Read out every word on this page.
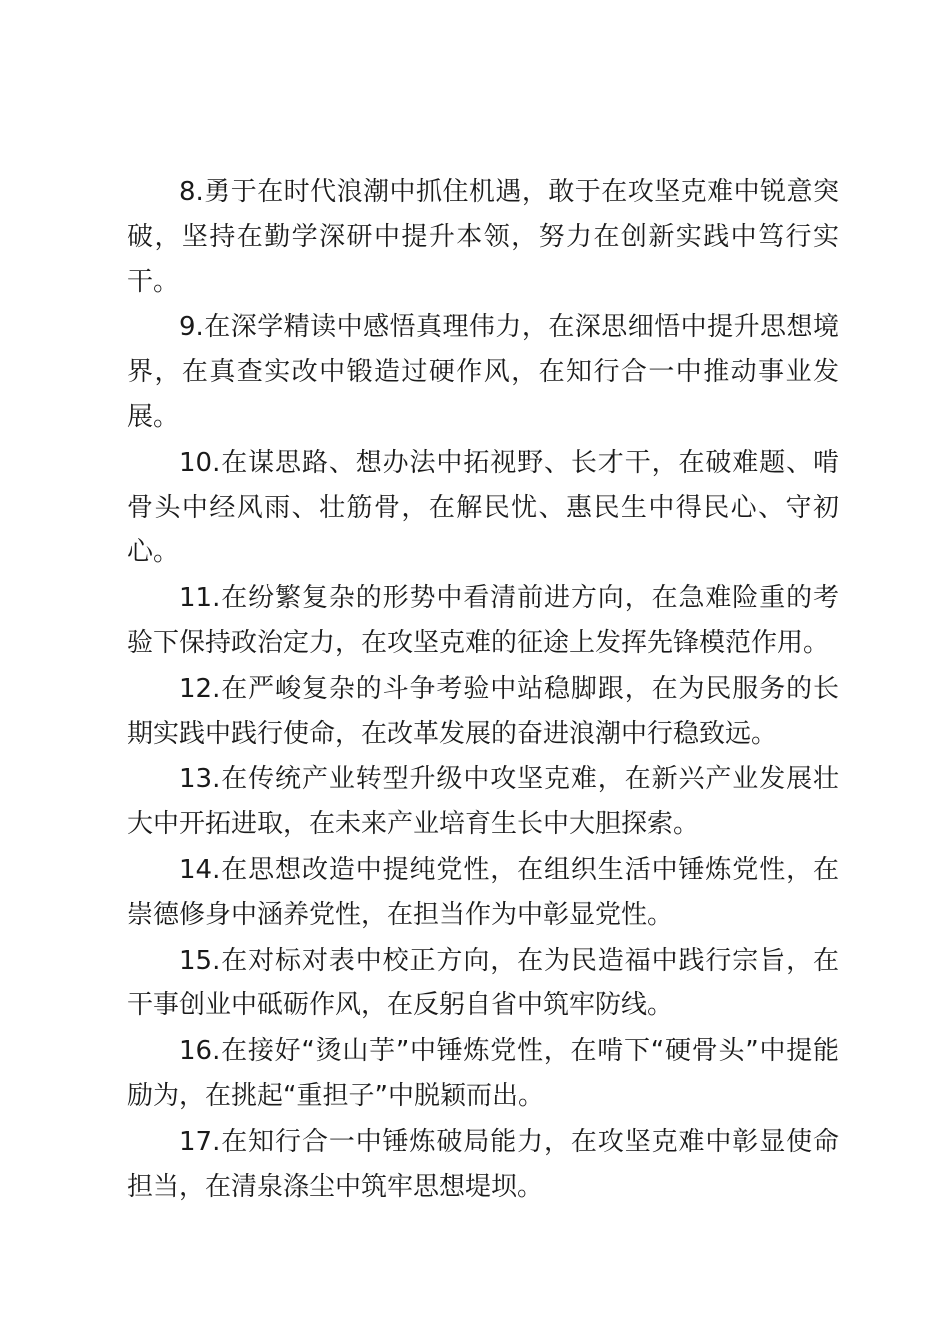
8.勇于在时代浪潮中抓住机遇，敢于在攻坚克难中锐意突破，坚持在勤学深研中提升本领，努力在创新实践中笃行实干。

9.在深学精读中感悟真理伟力，在深思细悟中提升思想境界，在真查实改中锻造过硬作风，在知行合一中推动事业发展。

10.在谋思路、想办法中拓视野、长才干，在破难题、啃骨头中经风雨、壮筋骨，在解民忧、惠民生中得民心、守初心。

11.在纷繁复杂的形势中看清前进方向，在急难险重的考验下保持政治定力，在攻坚克难的征途上发挥先锋模范作用。

12.在严峻复杂的斗争考验中站稳脚跟，在为民服务的长期实践中践行使命，在改革发展的奋进浪潮中行稳致远。

13.在传统产业转型升级中攻坚克难，在新兴产业发展壮大中开拓进取，在未来产业培育生长中大胆探索。

14.在思想改造中提纯党性，在组织生活中锤炼党性，在崇德修身中涵养党性，在担当作为中彰显党性。

15.在对标对表中校正方向，在为民造福中践行宗旨，在干事创业中砥砺作风，在反躬自省中筑牢防线。

16.在接好“烫山芋”中锤炼党性，在啃下“硬骨头”中提能励为，在挑起“重担子”中脱颖而出。

17.在知行合一中锤炼破局能力，在攻坚克难中彰显使命担当，在清泉涤尘中筑牢思想堤坝。
